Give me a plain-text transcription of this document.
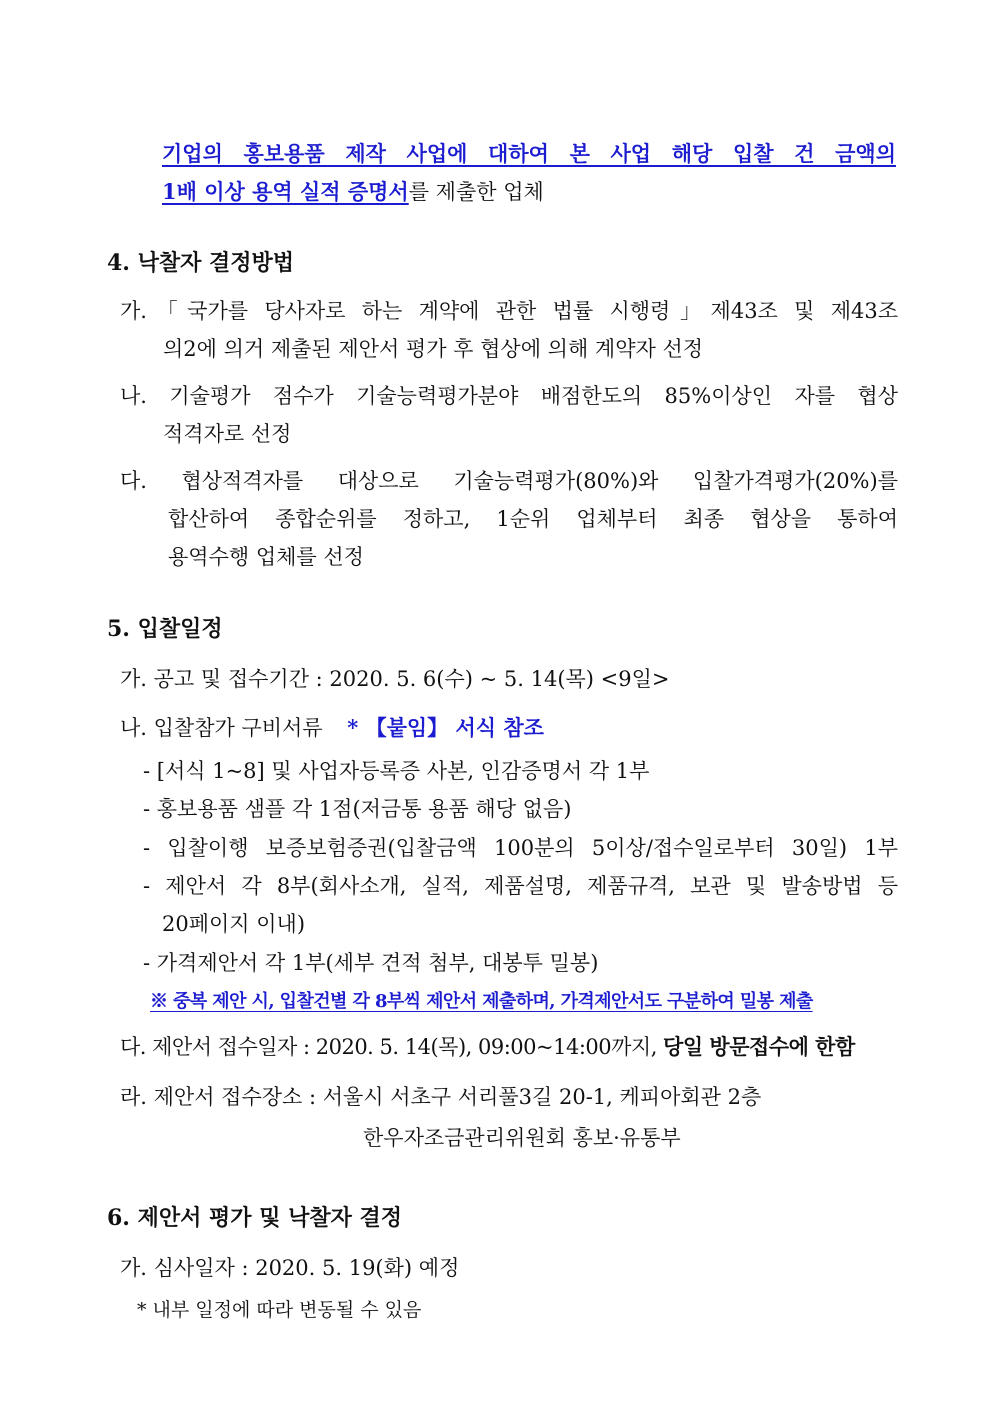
기업의 홍보용품 제작 사업에 대하여 본 사업 해당 입찰 건 금액의
1배 이상 용역 실적 증명서를 제출한 업체
4. 낙찰자 결정방법
가.「국가를 당사자로 하는 계약에 관한 법률 시행령」제43조 및 제43조
의2에 의거 제출된 제안서 평가 후 협상에 의해 계약자 선정
나. 기술평가 점수가 기술능력평가분야 배점한도의 85%이상인 자를 협상
적격자로 선정
다. 협상적격자를 대상으로 기술능력평가(80%)와 입찰가격평가(20%)를
합산하여 종합순위를 정하고, 1순위 업체부터 최종 협상을 통하여
용역수행 업체를 선정
5. 입찰일정
가. 공고 및 접수기간 : 2020. 5. 6(수) ~ 5. 14(목) <9일>
나. 입찰참가 구비서류 * 【붙임】 서식 참조
- [서식 1~8] 및 사업자등록증 사본, 인감증명서 각 1부
- 홍보용품 샘플 각 1점(저금통 용품 해당 없음)
- 입찰이행 보증보험증권(입찰금액 100분의 5이상/접수일로부터 30일) 1부
- 제안서 각 8부(회사소개, 실적, 제품설명, 제품규격, 보관 및 발송방법 등
20페이지 이내)
- 가격제안서 각 1부(세부 견적 첨부, 대봉투 밀봉)
※ 중복 제안 시, 입찰건별 각 8부씩 제안서 제출하며, 가격제안서도 구분하여 밀봉 제출
다. 제안서 접수일자 : 2020. 5. 14(목), 09:00~14:00까지, 당일 방문접수에 한함
라. 제안서 접수장소 : 서울시 서초구 서리풀3길 20-1, 케피아회관 2층
한우자조금관리위원회 홍보·유통부
6. 제안서 평가 및 낙찰자 결정
가. 심사일자 : 2020. 5. 19(화) 예정
* 내부 일정에 따라 변동될 수 있음
